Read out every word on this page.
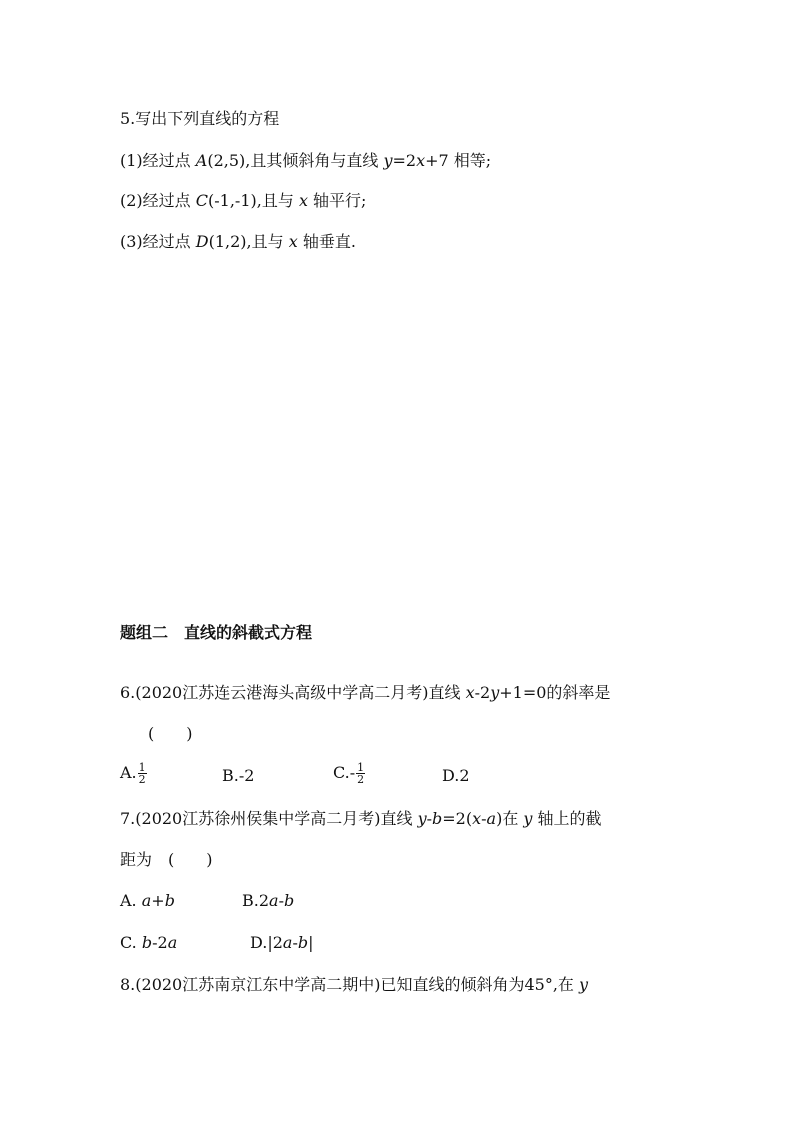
5.写出下列直线的方程
(1)经过点 A(2,5),且其倾斜角与直线 y=2x+7 相等;
(2)经过点 C(-1,-1),且与 x 轴平行;
(3)经过点 D(1,2),且与 x 轴垂直.
题组二　直线的斜截式方程
6.(2020江苏连云港海头高级中学高二月考)直线 x-2y+1=0的斜率是
(　　)
A. $\frac{1}{2}$	B.-2	$C.- \frac{1}{2}$	D.2
7.(2020江苏徐州侯集中学高二月考)直线 y-b=2(x-a)在 y 轴上的截
距为　(　　)
A. a+b	B.2a-b
C. b-2a	D.|2a-b|
8.(2020江苏南京江东中学高二期中)已知直线的倾斜角为45°,在 y
